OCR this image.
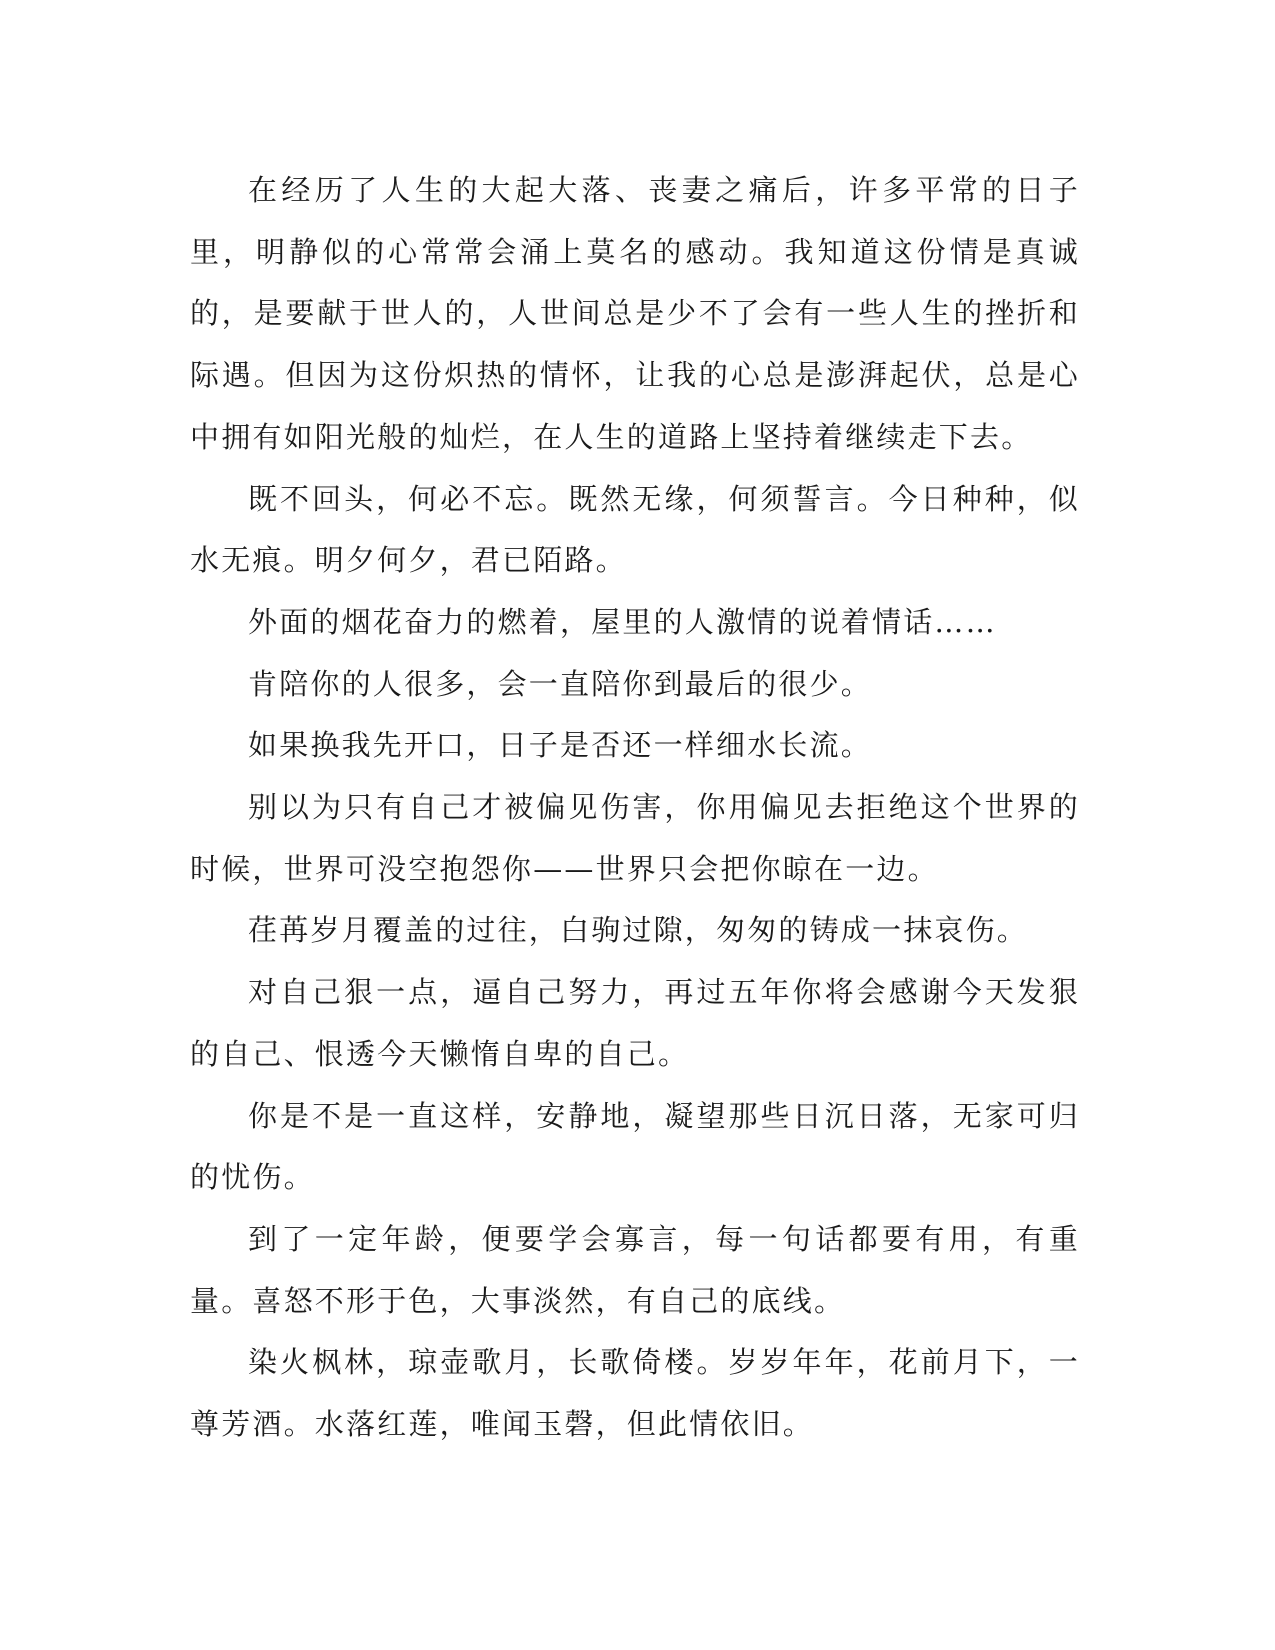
在经历了人生的大起大落、丧妻之痛后，许多平常的日子里，明静似的心常常会涌上莫名的感动。我知道这份情是真诚的，是要献于世人的，人世间总是少不了会有一些人生的挫折和际遇。但因为这份炽热的情怀，让我的心总是澎湃起伏，总是心中拥有如阳光般的灿烂，在人生的道路上坚持着继续走下去。

既不回头，何必不忘。既然无缘，何须誓言。今日种种，似水无痕。明夕何夕，君已陌路。

外面的烟花奋力的燃着，屋里的人激情的说着情话……

肯陪你的人很多，会一直陪你到最后的很少。

如果换我先开口，日子是否还一样细水长流。

别以为只有自己才被偏见伤害，你用偏见去拒绝这个世界的时候，世界可没空抱怨你——世界只会把你晾在一边。

荏苒岁月覆盖的过往，白驹过隙，匆匆的铸成一抹哀伤。

对自己狠一点，逼自己努力，再过五年你将会感谢今天发狠的自己、恨透今天懒惰自卑的自己。

你是不是一直这样，安静地，凝望那些日沉日落，无家可归的忧伤。

到了一定年龄，便要学会寡言，每一句话都要有用，有重量。喜怒不形于色，大事淡然，有自己的底线。

染火枫林，琼壶歌月，长歌倚楼。岁岁年年，花前月下，一尊芳酒。水落红莲，唯闻玉磬，但此情依旧。
